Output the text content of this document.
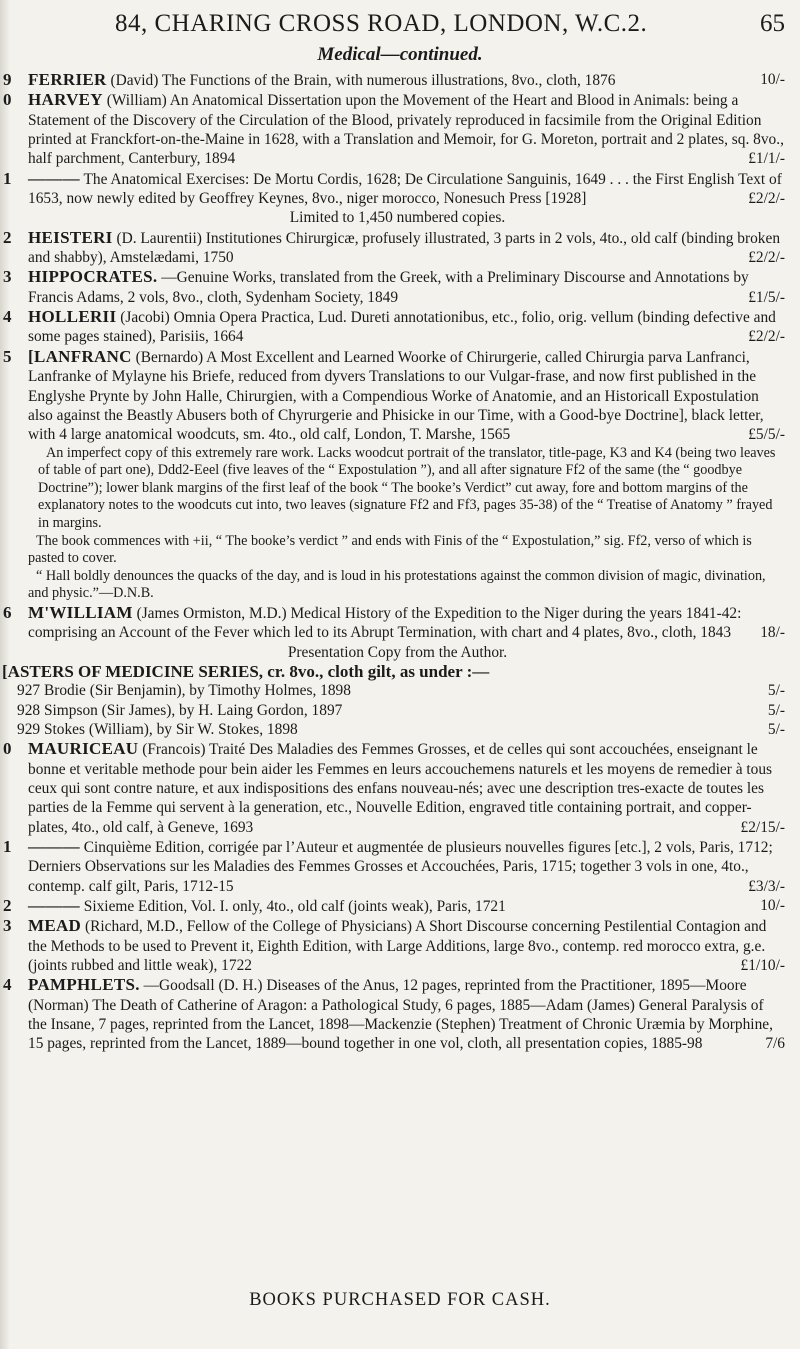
84, CHARING CROSS ROAD, LONDON, W.C.2.	65
Medical—continued.

9 FERRIER (David) The Functions of the Brain, with numerous illustrations, 8vo., cloth, 1876	10/-

0 HARVEY (William) An Anatomical Dissertation upon the Movement of the Heart and Blood in Animals: being a Statement of the Discovery of the Circulation of the Blood, privately reproduced in facsimile from the Original Edition printed at Franckfort-on-the-Maine in 1628, with a Translation and Memoir, for G. Moreton, portrait and 2 plates, sq. 8vo., half parchment, Canterbury, 1894	£1/1/-

1 ——— The Anatomical Exercises: De Mortu Cordis, 1628; De Circulatione Sanguinis, 1649 . . . the First English Text of 1653, now newly edited by Geoffrey Keynes, 8vo., niger morocco, Nonesuch Press [1928]	£2/2/-

Limited to 1,450 numbered copies.

2 HEISTERI (D. Laurentii) Institutiones Chirurgicæ, profusely illustrated, 3 parts in 2 vols, 4to., old calf (binding broken and shabby), Amstelædami, 1750	£2/2/-

3 HIPPOCRATES. —Genuine Works, translated from the Greek, with a Preliminary Discourse and Annotations by Francis Adams, 2 vols, 8vo., cloth, Sydenham Society, 1849	£1/5/-

4 HOLLERII (Jacobi) Omnia Opera Practica, Lud. Dureti annotationibus, etc., folio, orig. vellum (binding defective and some pages stained), Parisiis, 1664	£2/2/-

5 [LANFRANC (Bernardo) A Most Excellent and Learned Woorke of Chirurgerie, called Chirurgia parva Lanfranci, Lanfranke of Mylayne his Briefe, reduced from dyvers Translations to our Vulgar-frase, and now first published in the Englyshe Prynte by John Halle, Chirurgien, with a Compendious Worke of Anatomie, and an Historicall Expostulation also against the Beastly Abusers both of Chyrurgerie and Phisicke in our Time, with a Good-bye Doctrine], black letter, with 4 large anatomical woodcuts, sm. 4to., old calf, London, T. Marshe, 1565	£5/5/-

An imperfect copy of this extremely rare work. Lacks woodcut portrait of the translator, title-page, K3 and K4 (being two leaves of table of part one), Ddd2-Eeel (five leaves of the “ Expostulation ”), and all after signature Ff2 of the same (the “ goodbye Doctrine”); lower blank margins of the first leaf of the book “ The booke’s Verdict” cut away, fore and bottom margins of the explanatory notes to the woodcuts cut into, two leaves (signature Ff2 and Ff3, pages 35-38) of the “ Treatise of Anatomy ” frayed in margins.

The book commences with +ii, “ The booke’s verdict ” and ends with Finis of the “ Expostulation,” sig. Ff2, verso of which is pasted to cover.

“ Hall boldly denounces the quacks of the day, and is loud in his protestations against the common division of magic, divination, and physic.”—D.N.B.

6 M'WILLIAM (James Ormiston, M.D.) Medical History of the Expedition to the Niger during the years 1841-42: comprising an Account of the Fever which led to its Abrupt Termination, with chart and 4 plates, 8vo., cloth, 1843 18/-

Presentation Copy from the Author.

[ASTERS OF MEDICINE SERIES, cr. 8vo., cloth gilt, as under :—

927 Brodie (Sir Benjamin), by Timothy Holmes, 1898	5/-

928 Simpson (Sir James), by H. Laing Gordon, 1897	5/-

929 Stokes (William), by Sir W. Stokes, 1898	5/-

0 MAURICEAU (Francois) Traité Des Maladies des Femmes Grosses, et de celles qui sont accouchées, enseignant le bonne et veritable methode pour bein aider les Femmes en leurs accouchemens naturels et les moyens de remedier à tous ceux qui sont contre nature, et aux indispositions des enfans nouveau-nés; avec une description tres-exacte de toutes les parties de la Femme qui servent à la generation, etc., Nouvelle Edition, engraved title containing portrait, and copper-plates, 4to., old calf, à Geneve, 1693	£2/15/-

1 ——— Cinquième Edition, corrigée par l’Auteur et augmentée de plusieurs nouvelles figures [etc.], 2 vols, Paris, 1712; Derniers Observations sur les Maladies des Femmes Grosses et Accouchées, Paris, 1715; together 3 vols in one, 4to., contemp. calf gilt, Paris, 1712-15	£3/3/-

2 ——— Sixieme Edition, Vol. I. only, 4to., old calf (joints weak), Paris, 1721	10/-

3 MEAD (Richard, M.D., Fellow of the College of Physicians) A Short Discourse concerning Pestilential Contagion and the Methods to be used to Prevent it, Eighth Edition, with Large Additions, large 8vo., contemp. red morocco extra, g.e. (joints rubbed and little weak), 1722	£1/10/-

4 PAMPHLETS. —Goodsall (D. H.) Diseases of the Anus, 12 pages, reprinted from the Practitioner, 1895—Moore (Norman) The Death of Catherine of Aragon: a Pathological Study, 6 pages, 1885—Adam (James) General Paralysis of the Insane, 7 pages, reprinted from the Lancet, 1898—Mackenzie (Stephen) Treatment of Chronic Uræmia by Morphine, 15 pages, reprinted from the Lancet, 1889—bound together in one vol, cloth, all presentation copies, 1885-98	7/6

BOOKS PURCHASED FOR CASH.
